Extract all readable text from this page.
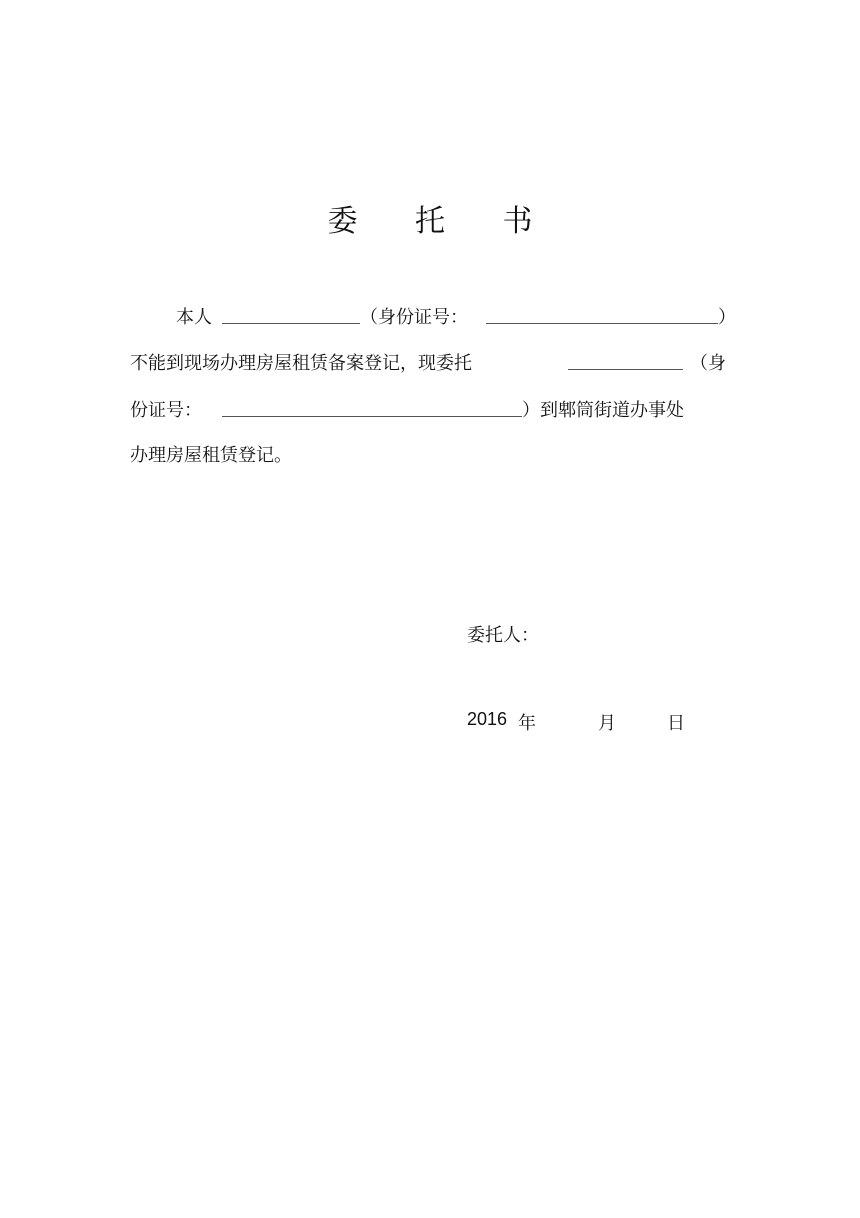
委 托 书
本人	（身份证号：	）
不能到现场办理房屋租赁备案登记，现委托	（身
份证号：	）到郫筒街道办事处
办理房屋租赁登记。
委托人：
2016 年	月	日
